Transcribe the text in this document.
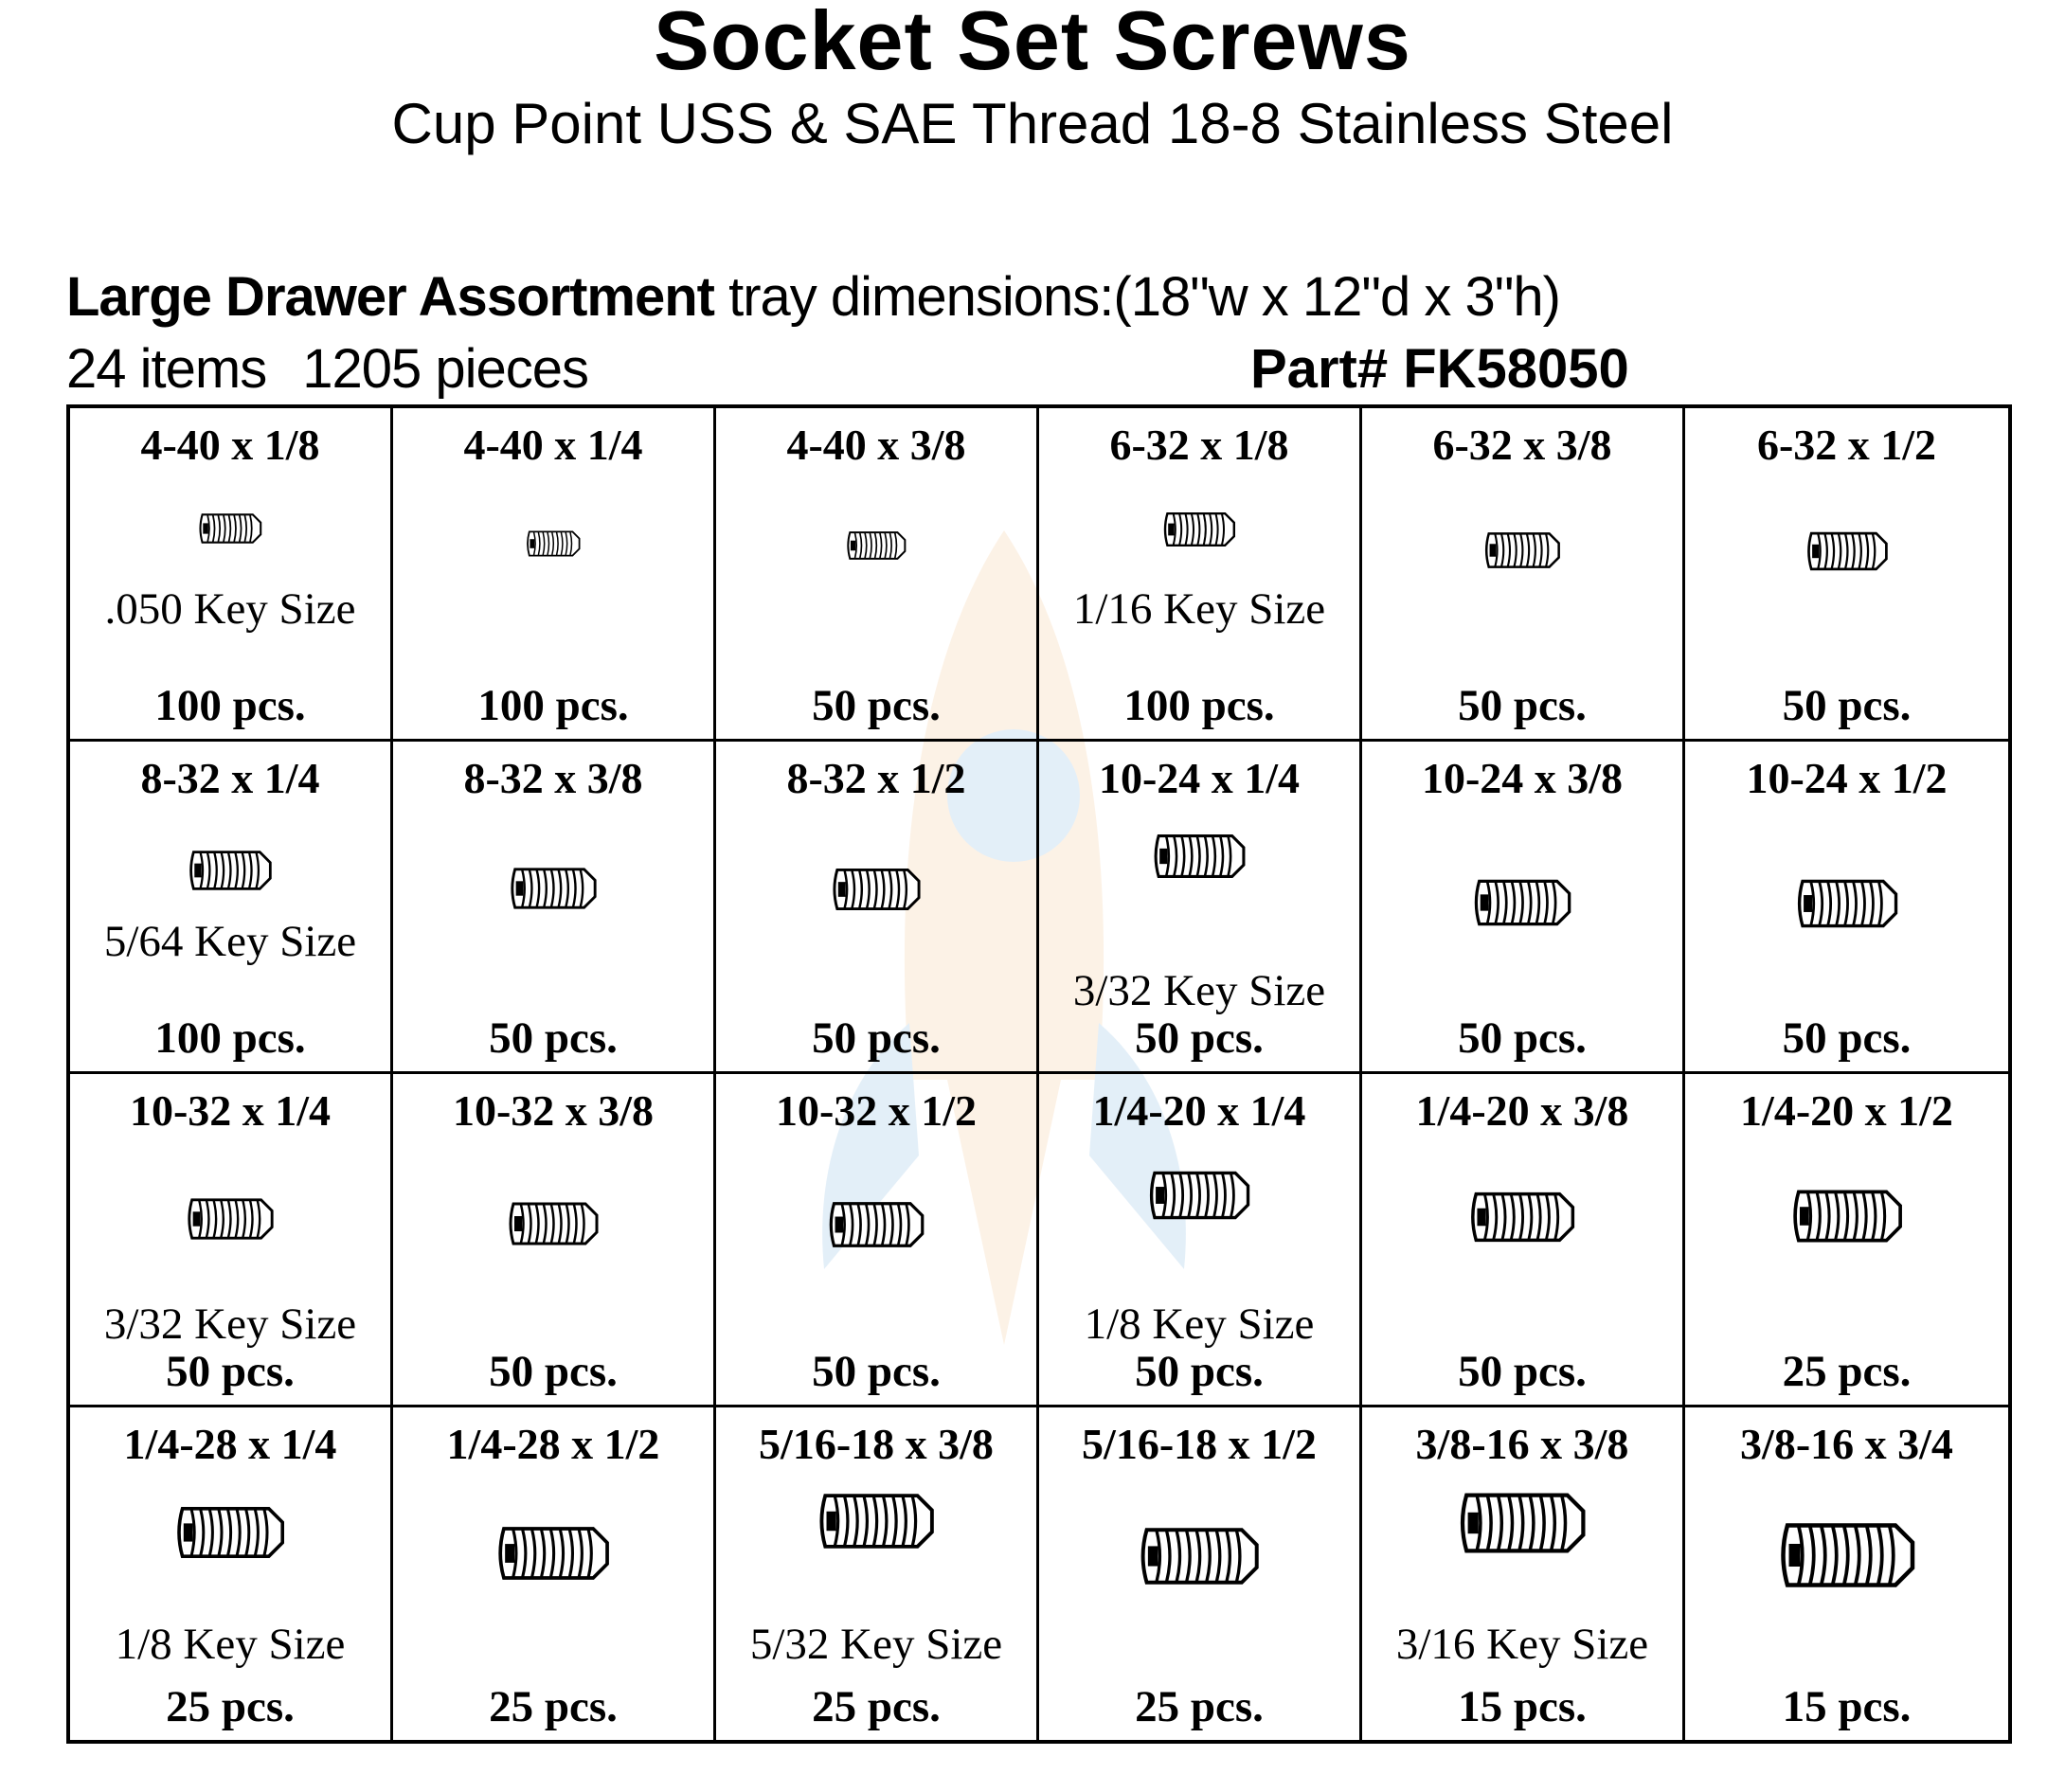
Socket Set Screws
Cup Point USS & SAE Thread 18-8 Stainless Steel
Large Drawer Assortment tray dimensions:(18"w x 12"d x 3"h)
24 items 1205 pieces	Part# FK58050
4-40 x 1/8
.050 Key Size
100 pcs.
4-40 x 1/4
100 pcs.
4-40 x 3/8
50 pcs.
6-32 x 1/8
1/16 Key Size
100 pcs.
6-32 x 3/8
50 pcs.
6-32 x 1/2
50 pcs.
8-32 x 1/4
5/64 Key Size
100 pcs.
8-32 x 3/8
50 pcs.
8-32 x 1/2
50 pcs.
10-24 x 1/4
3/32 Key Size
50 pcs.
10-24 x 3/8
50 pcs.
10-24 x 1/2
50 pcs.
10-32 x 1/4
3/32 Key Size
50 pcs.
10-32 x 3/8
50 pcs.
10-32 x 1/2
50 pcs.
1/4-20 x 1/4
1/8 Key Size
50 pcs.
1/4-20 x 3/8
50 pcs.
1/4-20 x 1/2
25 pcs.
1/4-28 x 1/4
1/8 Key Size
25 pcs.
1/4-28 x 1/2
25 pcs.
5/16-18 x 3/8
5/32 Key Size
25 pcs.
5/16-18 x 1/2
25 pcs.
3/8-16 x 3/8
3/16 Key Size
15 pcs.
3/8-16 x 3/4
15 pcs.
